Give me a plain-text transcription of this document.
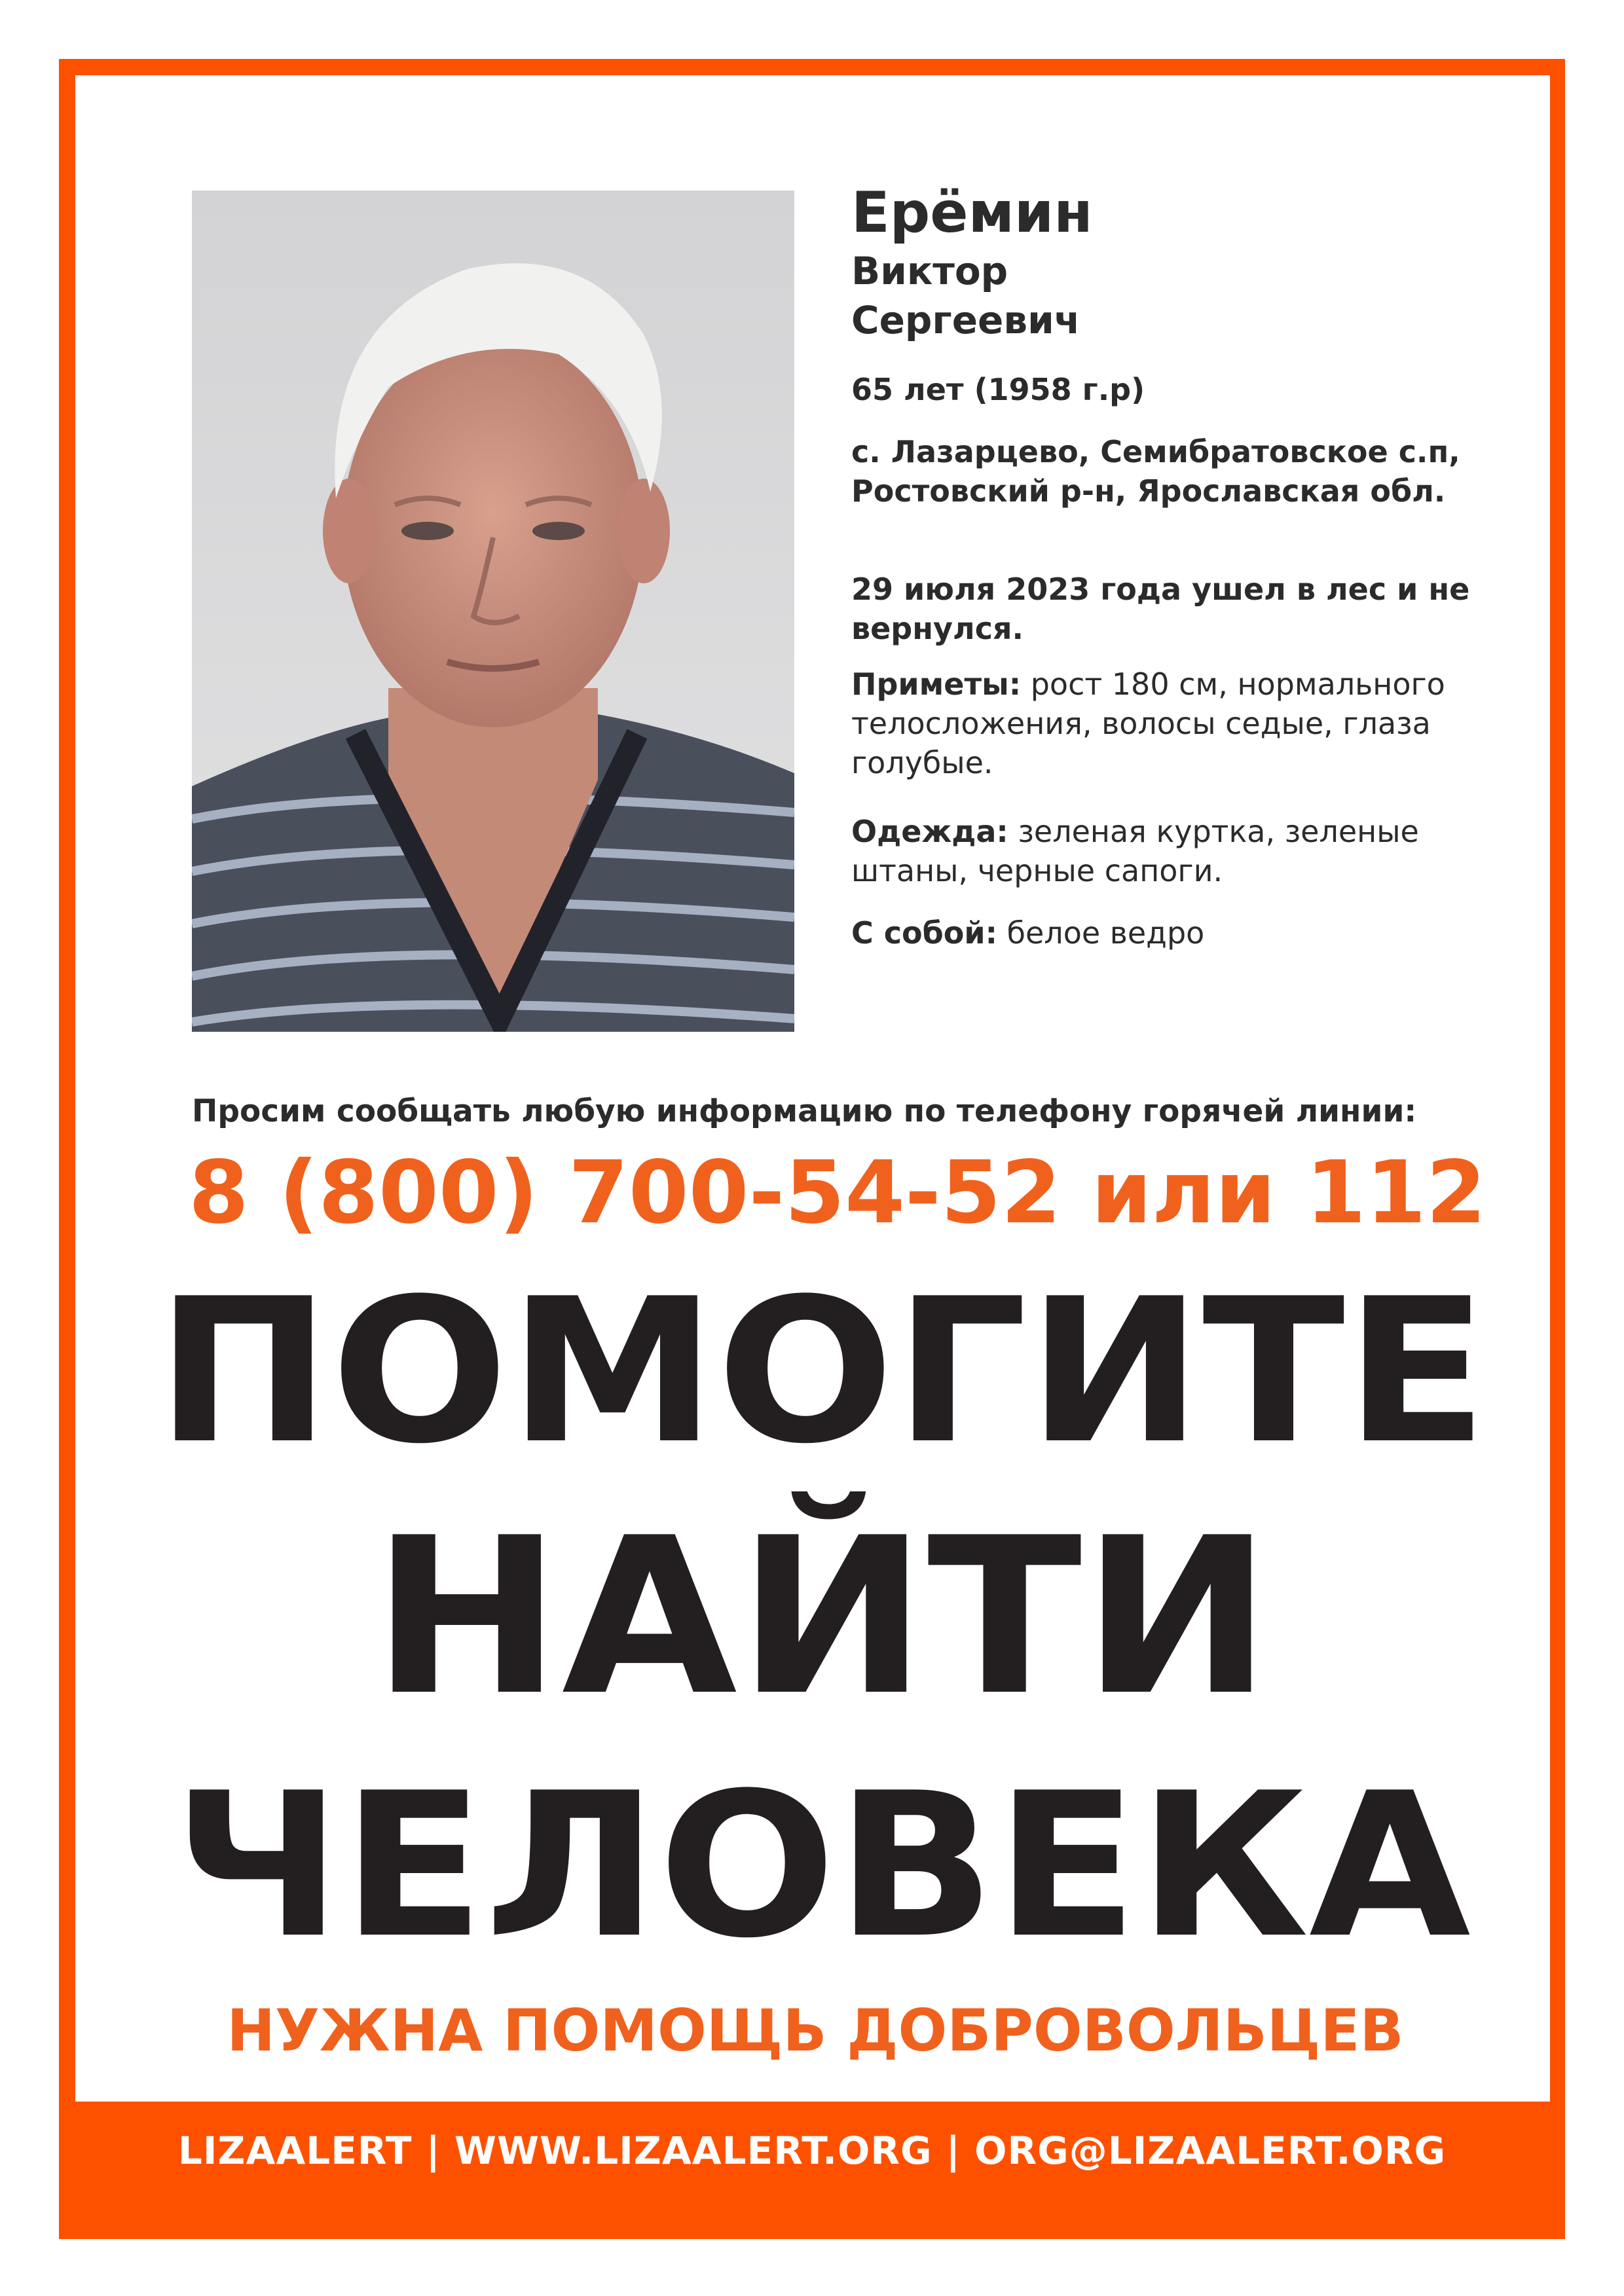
VK.COM/LIZAALERT76
Ерёмин
Виктор
Сергеевич
65 лет (1958 г.р)
с. Лазарцево, Семибратовское с.п, Ростовский р-н, Ярославская обл.
29 июля 2023 года ушел в лес и не вернулся.
Приметы: рост 180 см, нормального телосложения, волосы седые, глаза голубые.
Одежда: зеленая куртка, зеленые штаны, черные сапоги.
С собой: белое ведро
Просим сообщать любую информацию по телефону горячей линии:
8 (800) 700-54-52 или 112
ПОМОГИТЕ
НАЙТИ
ЧЕЛОВЕКА
НУЖНА ПОМОЩЬ ДОБРОВОЛЬЦЕВ
LIZAALERT | WWW.LIZAALERT.ORG | ORG@LIZAALERT.ORG
